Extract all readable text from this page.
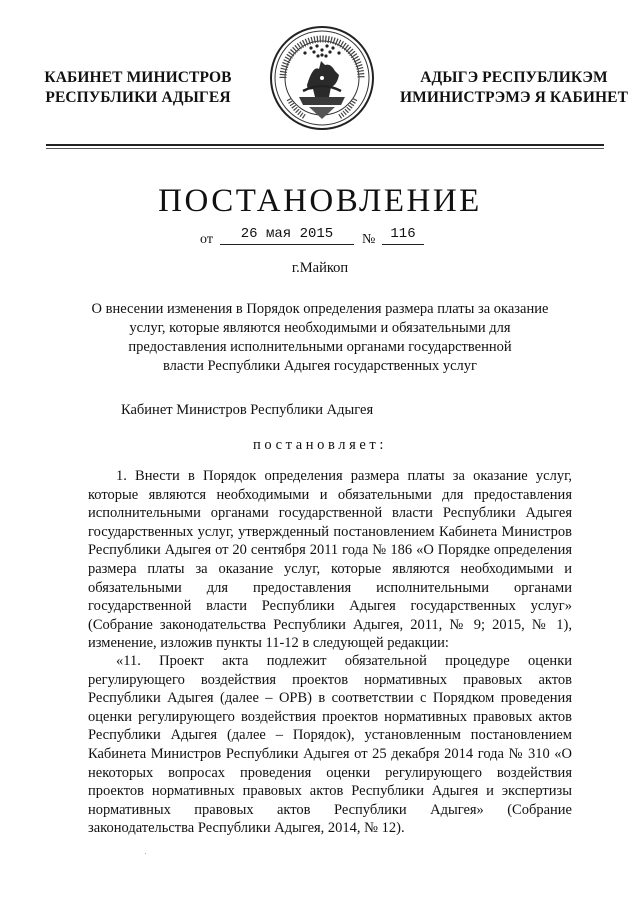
КАБИНЕТ МИНИСТРОВ
РЕСПУБЛИКИ АДЫГЕЯ
АДЫГЭ РЕСПУБЛИКЭМ
ИМИНИСТРЭМЭ Я КАБИНЕТ
ПОСТАНОВЛЕНИЕ
от	26 мая 2015	№	116
г.Майкоп
О внесении изменения в Порядок определения размера платы за оказание
услуг, которые являются необходимыми и обязательными для
предоставления исполнительными органами государственной
власти Республики Адыгея государственных услуг
Кабинет Министров Республики Адыгея
постановляет:
1. Внести в Порядок определения размера платы за оказание услуг, которые являются необходимыми и обязательными для предоставления исполнительными органами государственной власти Республики Адыгея государственных услуг, утвержденный постановлением Кабинета Министров Республики Адыгея от 20 сентября 2011 года № 186 «О Порядке определения размера платы за оказание услуг, которые являются необходимыми и обязательными для предоставления исполнительными органами государственной власти Республики Адыгея государственных услуг» (Собрание законодательства Республики Адыгея, 2011, № 9; 2015, № 1), изменение, изложив пункты 11-12 в следующей редакции:
«11. Проект акта подлежит обязательной процедуре оценки регулирующего воздействия проектов нормативных правовых актов Республики Адыгея (далее – ОРВ) в соответствии с Порядком проведения оценки регулирующего воздействия проектов нормативных правовых актов Республики Адыгея (далее – Порядок), установленным постановлением Кабинета Министров Республики Адыгея от 25 декабря 2014 года № 310 «О некоторых вопросах проведения оценки регулирующего воздействия проектов нормативных правовых актов Республики Адыгея и экспертизы нормативных правовых актов Республики Адыгея» (Собрание законодательства Республики Адыгея, 2014, № 12).
